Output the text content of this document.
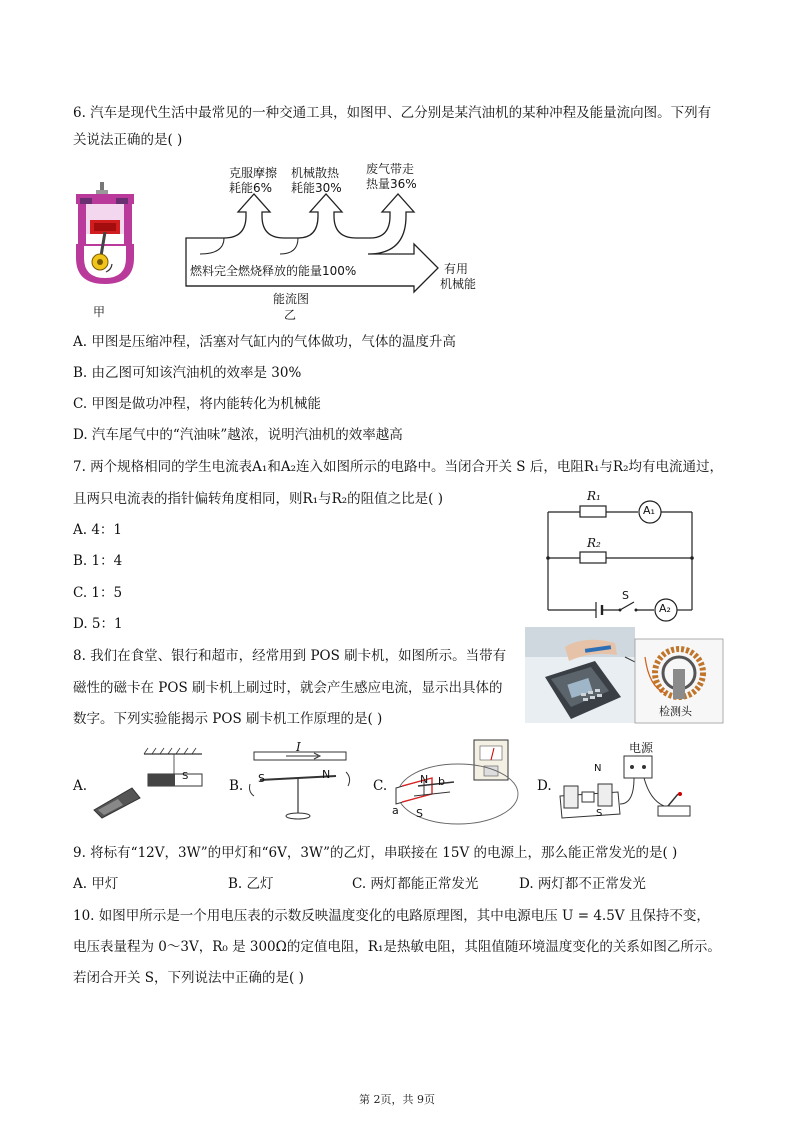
6. 汽车是现代生活中最常见的一种交通工具，如图甲、乙分别是某汽油机的某种冲程及能量流向图。下列有
关说法正确的是( )
甲
克服摩擦
耗能6%
机械散热
耗能30%
废气带走
热量36%
燃料完全燃烧释放的能量100%	有用
机械能
能流图
乙
A. 甲图是压缩冲程，活塞对气缸内的气体做功，气体的温度升高
B. 由乙图可知该汽油机的效率是 30%
C. 甲图是做功冲程，将内能转化为机械能
D. 汽车尾气中的“汽油味”越浓，说明汽油机的效率越高
7. 两个规格相同的学生电流表A₁和A₂连入如图所示的电路中。当闭合开关 S 后，电阻R₁与R₂均有电流通过，
且两只电流表的指针偏转角度相同，则R₁与R₂的阻值之比是( )	R₁
R₂
A₁
A₂
S
A. 4：1
B. 1：4
C. 1：5
D. 5：1
8. 我们在食堂、银行和超市，经常用到 POS 刷卡机，如图所示。当带有
磁性的磁卡在 POS 刷卡机上刷过时，就会产生感应电流，显示出具体的
数字。下列实验能揭示 POS 刷卡机工作原理的是( )	检测头
A.
S
B.
I
S	N
C.	N b
a S
D.
电源
N
S
9. 将标有“12V，3W”的甲灯和“6V，3W”的乙灯，串联接在 15V 的电源上，那么能正常发光的是( )
A. 甲灯	B. 乙灯	C. 两灯都能正常发光	D. 两灯都不正常发光
10. 如图甲所示是一个用电压表的示数反映温度变化的电路原理图，其中电源电压 U = 4.5V 且保持不变，
电压表量程为 0～3V，R₀ 是 300Ω的定值电阻，R₁是热敏电阻，其阻值随环境温度变化的关系如图乙所示。
若闭合开关 S，下列说法中正确的是( )
第 2页，共 9页
